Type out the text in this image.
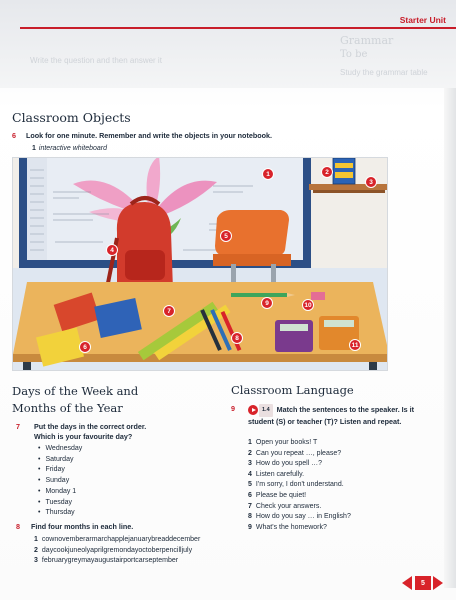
Grammar
To be
Write the question and then answer it
Study the grammar table
Starter Unit
Classroom Objects
6 Look for one minute. Remember and write the objects in your notebook.
1 interactive whiteboard
1	2
3
4
5
6
7
8
9	10
11
Days of the Week and
Months of the Year
7 Put the days in the correct order.
Which is your favourite day?
• Wednesday
• Saturday
• Friday
• Sunday
• Monday 1
• Tuesday
• Thursday
8 Find four months in each line.
1 cownovemberarmarchapplejanuarybreaddecember
2 daycookjuneolyaprilgremondayoctoberpencilljuly
3 februarygreymayaugustairportcarseptember
Classroom Language
9	1.4 Match the sentences to the speaker. Is it student (S) or teacher (T)? Listen and repeat.
1 Open your books! T
2 Can you repeat …, please?
3 How do you spell …?
4 Listen carefully.
5 I'm sorry, I don't understand.
6 Please be quiet!
7 Check your answers.
8 How do you say … in English?
9 What's the homework?
5
